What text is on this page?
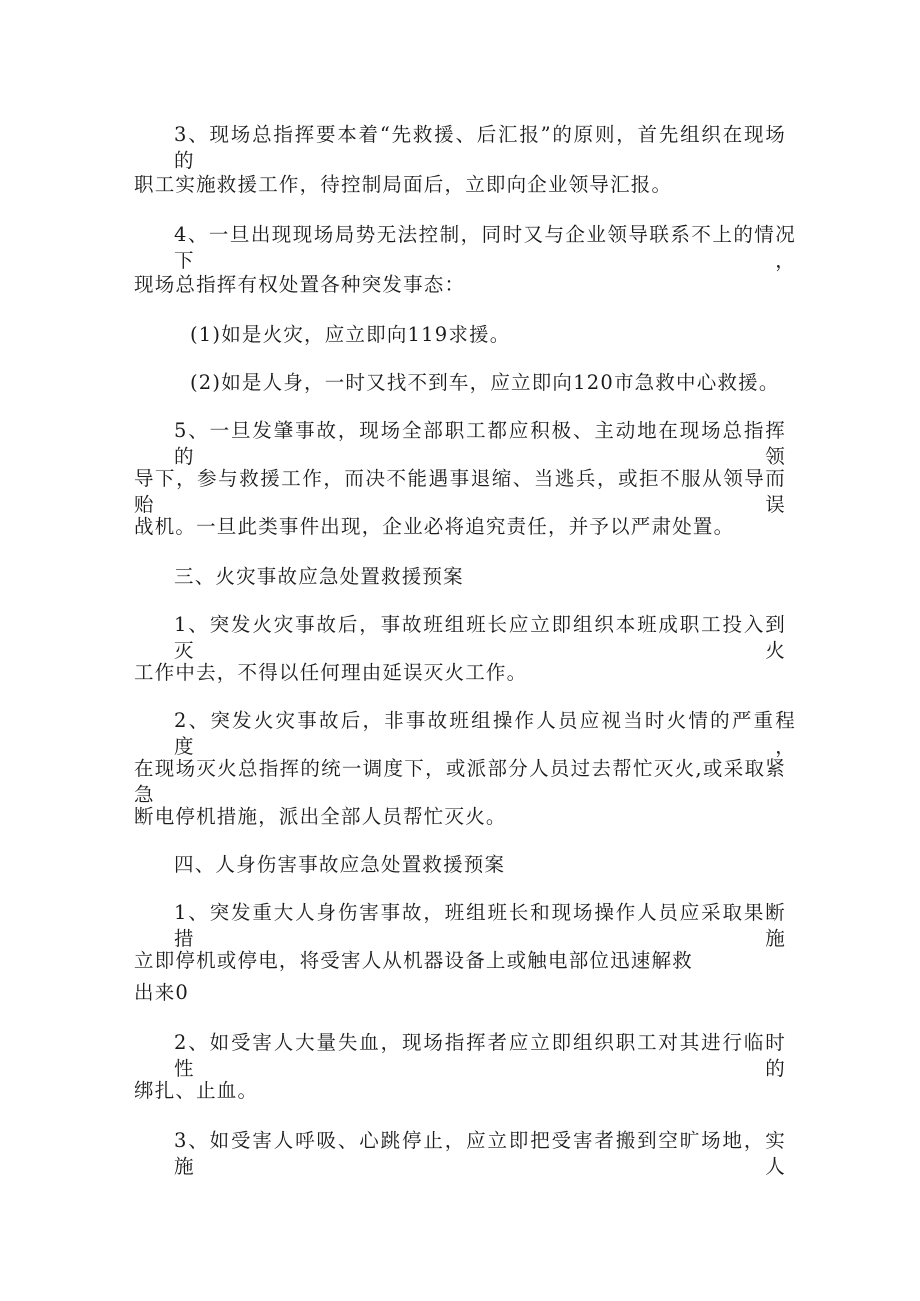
3、现场总指挥要本着“先救援、后汇报”的原则，首先组织在现场的
职工实施救援工作，待控制局面后，立即向企业领导汇报。
4、一旦出现现场局势无法控制，同时又与企业领导联系不上的情况下，
现场总指挥有权处置各种突发事态：
(1)如是火灾，应立即向119求援。
(2)如是人身，一时又找不到车，应立即向120市急救中心救援。
5、一旦发肇事故，现场全部职工都应积极、主动地在现场总指挥的领
导下，参与救援工作，而决不能遇事退缩、当逃兵，或拒不服从领导而贻误
战机。一旦此类事件出现，企业必将追究责任，并予以严肃处置。
三、火灾事故应急处置救援预案
1、突发火灾事故后，事故班组班长应立即组织本班成职工投入到灭火
工作中去，不得以任何理由延误灭火工作。
2、突发火灾事故后，非事故班组操作人员应视当时火情的严重程度，
在现场灭火总指挥的统一调度下，或派部分人员过去帮忙灭火,或采取紧急
断电停机措施，派出全部人员帮忙灭火。
四、人身伤害事故应急处置救援预案
1、突发重大人身伤害事故，班组班长和现场操作人员应采取果断措施
立即停机或停电，将受害人从机器设备上或触电部位迅速解救
出来0
2、如受害人大量失血，现场指挥者应立即组织职工对其进行临时性的
绑扎、止血。
3、如受害人呼吸、心跳停止，应立即把受害者搬到空旷场地，实施人
